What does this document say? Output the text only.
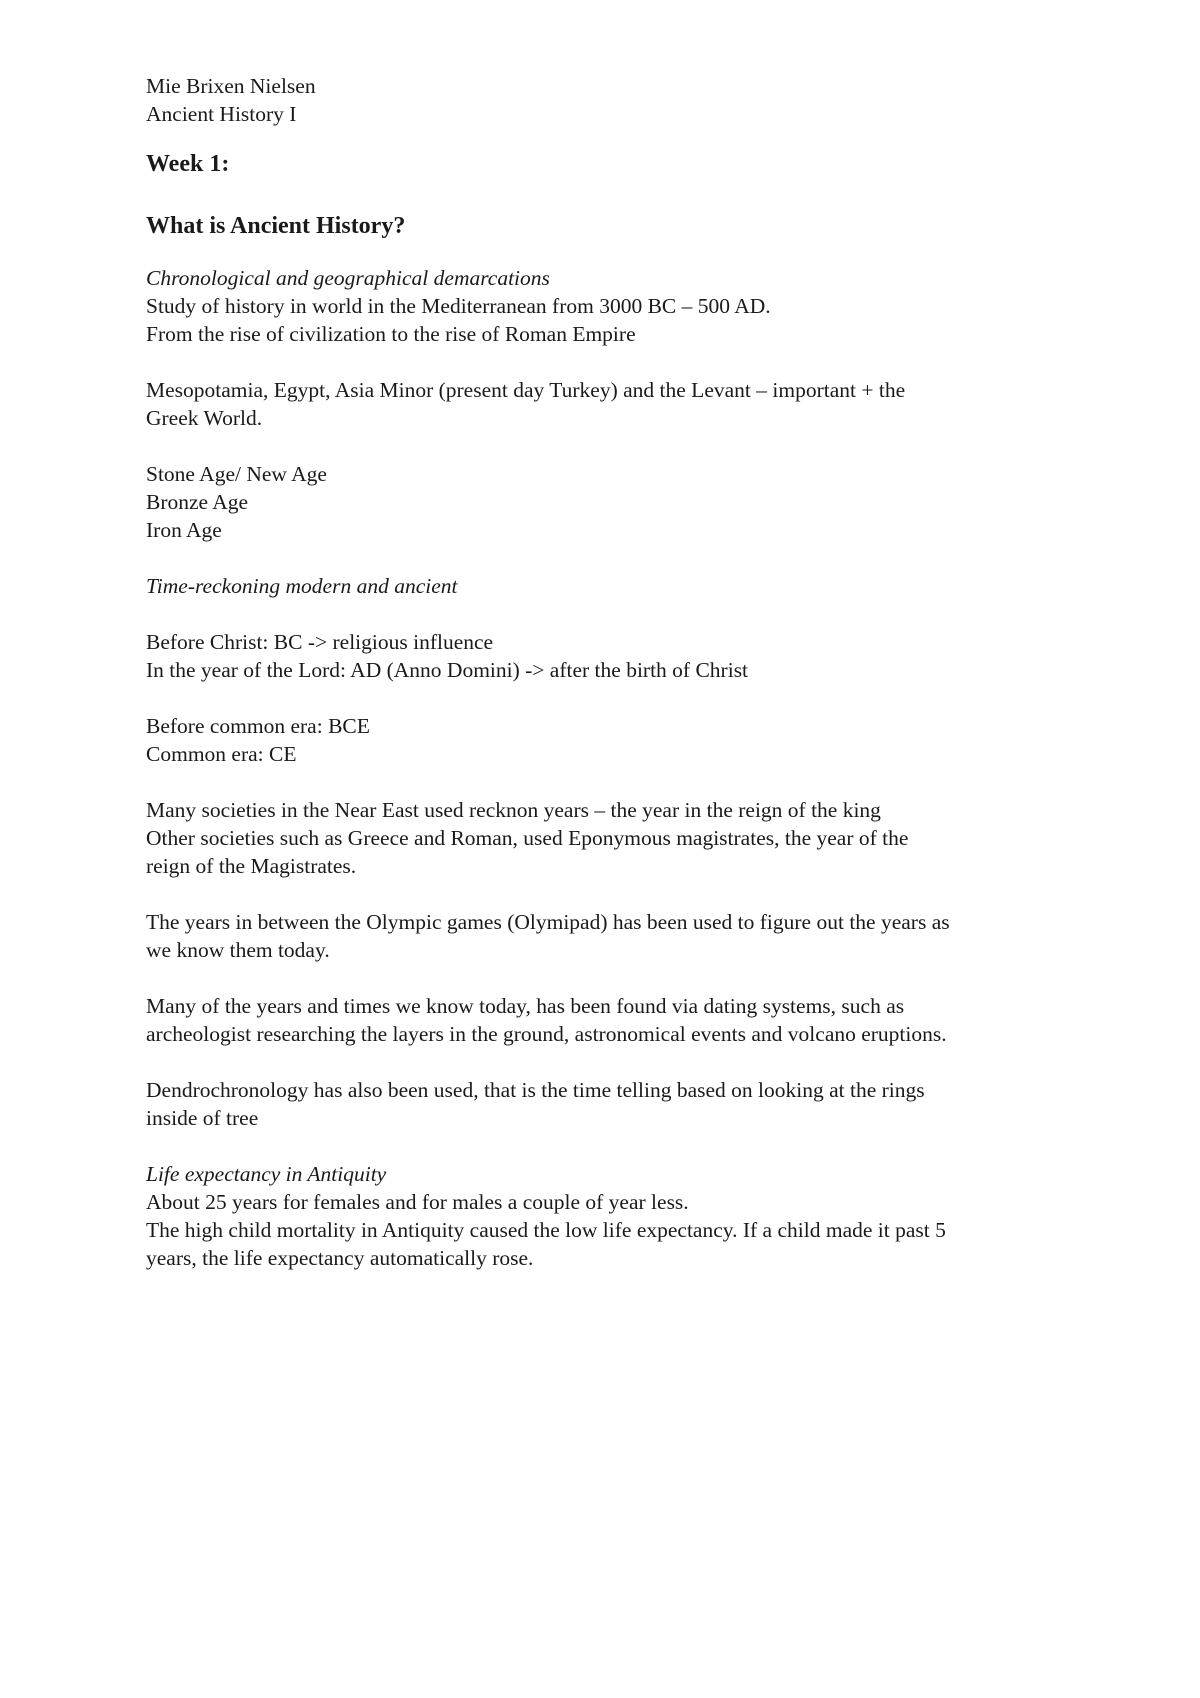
Mie Brixen Nielsen

Ancient History I

Week 1:
What is Ancient History?

Chronological and geographical demarcations

Study of history in world in the Mediterranean from 3000 BC – 500 AD.

From the rise of civilization to the rise of Roman Empire

Mesopotamia, Egypt, Asia Minor (present day Turkey) and the Levant – important + the

Greek World.

Stone Age/ New Age

Bronze Age

Iron Age

Time-reckoning modern and ancient

Before Christ: BC -> religious influence

In the year of the Lord: AD (Anno Domini) -> after the birth of Christ

Before common era: BCE

Common era: CE

Many societies in the Near East used recknon years – the year in the reign of the king

Other societies such as Greece and Roman, used Eponymous magistrates, the year of the

reign of the Magistrates.

The years in between the Olympic games (Olymipad) has been used to figure out the years as

we know them today.

Many of the years and times we know today, has been found via dating systems, such as

archeologist researching the layers in the ground, astronomical events and volcano eruptions.

Dendrochronology has also been used, that is the time telling based on looking at the rings

inside of tree

Life expectancy in Antiquity

About 25 years for females and for males a couple of year less.

The high child mortality in Antiquity caused the low life expectancy. If a child made it past 5

years, the life expectancy automatically rose.
